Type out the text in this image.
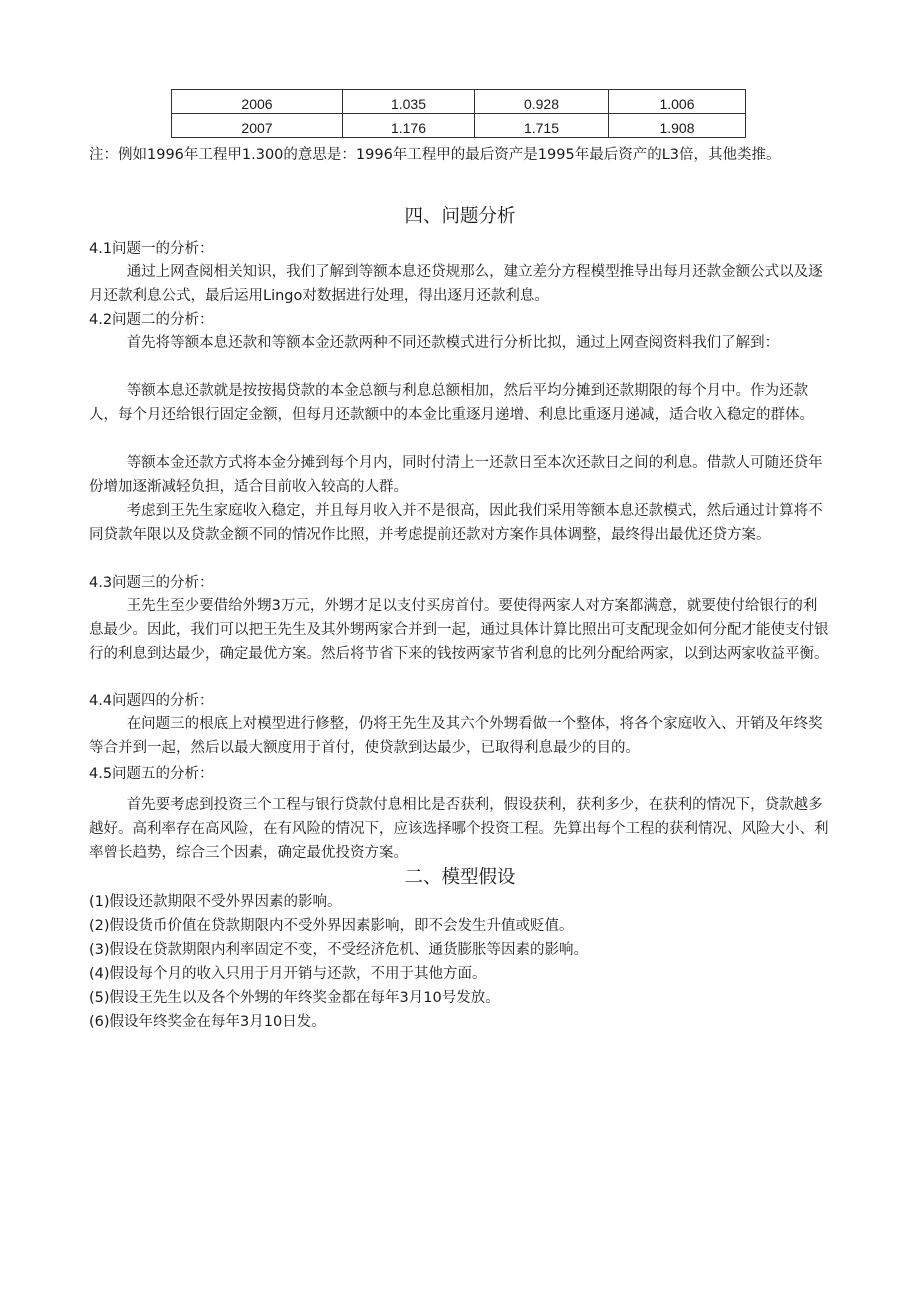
2006	1.035	0.928	1.006
2007	1.176	1.715	1.908
注：例如1996年工程甲1.300的意思是：1996年工程甲的最后资产是1995年最后资产的L3倍，其他类推。
四、问题分析
4.1问题一的分析：
通过上网查阅相关知识，我们了解到等额本息还贷规那么，建立差分方程模型推导出每月还款金额公式以及逐月还款利息公式，最后运用Lingo对数据进行处理，得出逐月还款利息。
4.2问题二的分析：
首先将等额本息还款和等额本金还款两种不同还款模式进行分析比拟，通过上网查阅资料我们了解到：
等额本息还款就是按按揭贷款的本金总额与利息总额相加，然后平均分摊到还款期限的每个月中。作为还款人，每个月还给银行固定金额，但每月还款额中的本金比重逐月递增、利息比重逐月递减，适合收入稳定的群体。
等额本金还款方式将本金分摊到每个月内，同时付清上一还款日至本次还款日之间的利息。借款人可随还贷年份增加逐渐减轻负担，适合目前收入较高的人群。
考虑到王先生家庭收入稳定，并且每月收入并不是很高，因此我们采用等额本息还款模式，然后通过计算将不同贷款年限以及贷款金额不同的情况作比照，并考虑提前还款对方案作具体调整，最终得出最优还贷方案。
4.3问题三的分析：
王先生至少要借给外甥3万元，外甥才足以支付买房首付。要使得两家人对方案都满意，就要使付给银行的利息最少。因此，我们可以把王先生及其外甥两家合并到一起，通过具体计算比照出可支配现金如何分配才能使支付银行的利息到达最少，确定最优方案。然后将节省下来的钱按两家节省利息的比列分配给两家，以到达两家收益平衡。
4.4问题四的分析：
在问题三的根底上对模型进行修整，仍将王先生及其六个外甥看做一个整体，将各个家庭收入、开销及年终奖等合并到一起，然后以最大额度用于首付，使贷款到达最少，已取得利息最少的目的。
4.5问题五的分析：
首先要考虑到投资三个工程与银行贷款付息相比是否获利，假设获利，获利多少，在获利的情况下，贷款越多越好。高利率存在高风险，在有风险的情况下，应该选择哪个投资工程。先算出每个工程的获利情况、风险大小、利率曾长趋势，综合三个因素，确定最优投资方案。
二、模型假设
(1)假设还款期限不受外界因素的影响。
(2)假设货币价值在贷款期限内不受外界因素影响，即不会发生升值或贬值。
(3)假设在贷款期限内利率固定不变，不受经济危机、通货膨胀等因素的影响。
(4)假设每个月的收入只用于月开销与还款，不用于其他方面。
(5)假设王先生以及各个外甥的年终奖金都在每年3月10号发放。
(6)假设年终奖金在每年3月10日发。
